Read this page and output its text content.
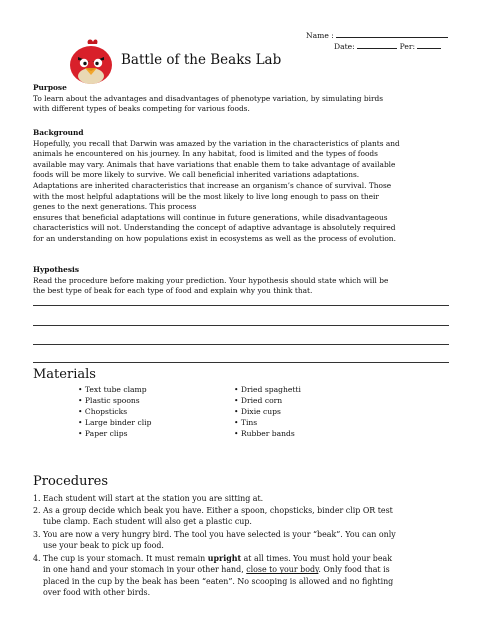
Battle of the Beaks Lab
Name :
Date:	Per:
Purpose
To learn about the advantages and disadvantages of phenotype variation, by simulating birds
with different types of beaks competing for various foods.
Background
Hopefully, you recall that Darwin was amazed by the variation in the characteristics of plants and
animals he encountered on his journey. In any habitat, food is limited and the types of foods
available may vary. Animals that have variations that enable them to take advantage of available
foods will be more likely to survive. We call beneficial inherited variations adaptations.
Adaptations are inherited characteristics that increase an organism’s chance of survival. Those
with the most helpful adaptations will be the most likely to live long enough to pass on their
genes to the next generations. This process
ensures that beneficial adaptations will continue in future generations, while disadvantageous
characteristics will not. Understanding the concept of adaptive advantage is absolutely required
for an understanding on how populations exist in ecosystems as well as the process of evolution.
Hypothesis
Read the procedure before making your prediction. Your hypothesis should state which will be
the best type of beak for each type of food and explain why you think that.
Materials
• Text tube clamp
• Plastic spoons
• Chopsticks
• Large binder clip
• Paper clips
• Dried spaghetti
• Dried corn
• Dixie cups
• Tins
• Rubber bands
Procedures
1. Each student will start at the station you are sitting at.
2. As a group decide which beak you have. Either a spoon, chopsticks, binder clip OR test
tube clamp. Each student will also get a plastic cup.
3. You are now a very hungry bird. The tool you have selected is your “beak”. You can only
use your beak to pick up food.
4. The cup is your stomach. It must remain upright at all times. You must hold your beak
in one hand and your stomach in your other hand, close to your body. Only food that is
placed in the cup by the beak has been “eaten”. No scooping is allowed and no fighting
over food with other birds.
